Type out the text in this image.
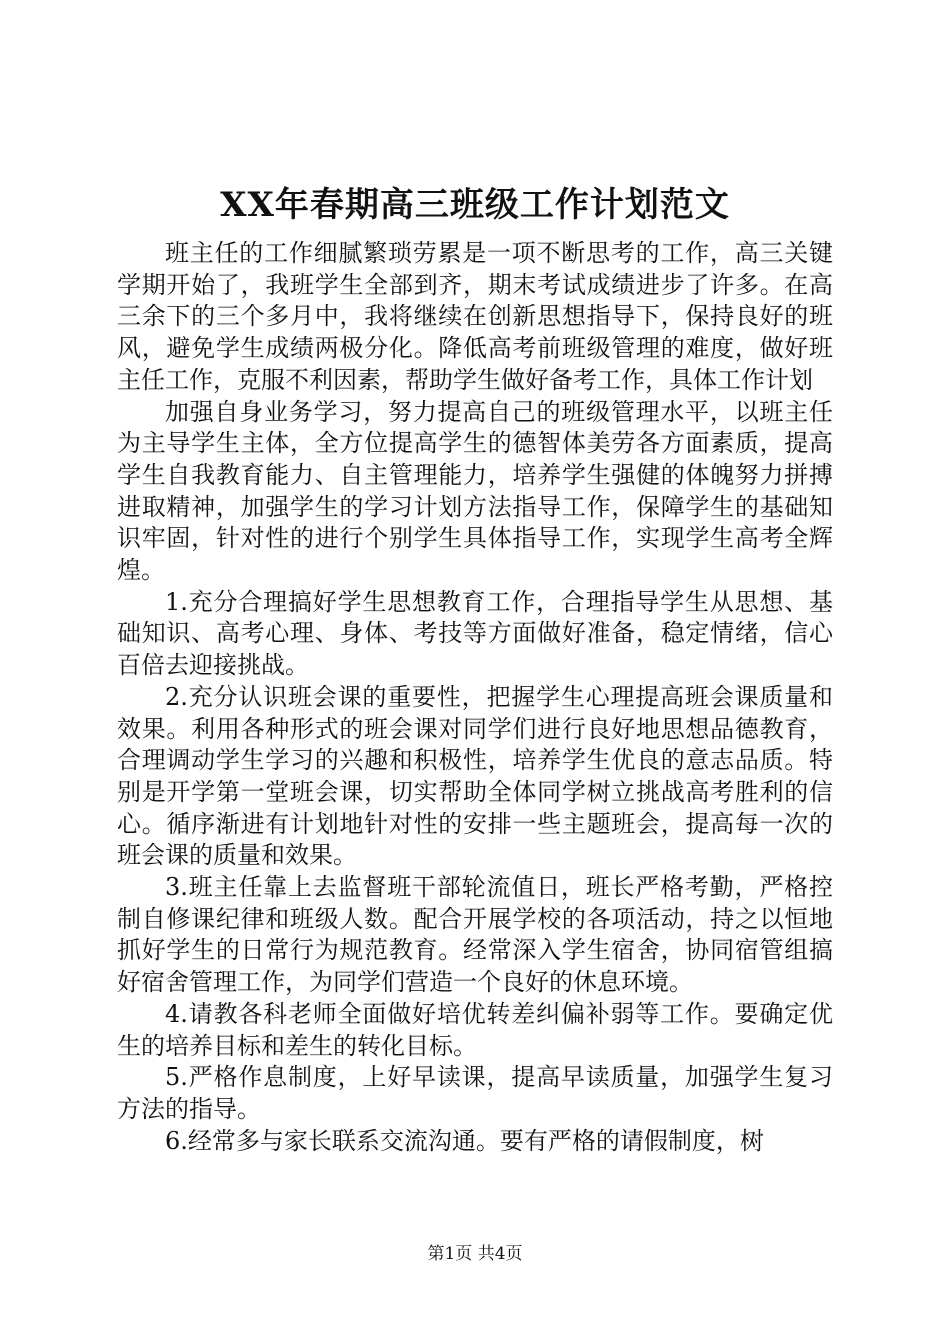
XX年春期高三班级工作计划范文

班主任的工作细腻繁琐劳累是一项不断思考的工作，高三关键学期开始了，我班学生全部到齐，期末考试成绩进步了许多。在高三余下的三个多月中，我将继续在创新思想指导下，保持良好的班风，避免学生成绩两极分化。降低高考前班级管理的难度，做好班主任工作，克服不利因素，帮助学生做好备考工作，具体工作计划

加强自身业务学习，努力提高自己的班级管理水平，以班主任为主导学生主体，全方位提高学生的德智体美劳各方面素质，提高学生自我教育能力、自主管理能力，培养学生强健的体魄努力拼搏进取精神，加强学生的学习计划方法指导工作，保障学生的基础知识牢固，针对性的进行个别学生具体指导工作，实现学生高考全辉煌。

1.充分合理搞好学生思想教育工作，合理指导学生从思想、基础知识、高考心理、身体、考技等方面做好准备，稳定情绪，信心百倍去迎接挑战。

2.充分认识班会课的重要性，把握学生心理提高班会课质量和效果。利用各种形式的班会课对同学们进行良好地思想品德教育，合理调动学生学习的兴趣和积极性，培养学生优良的意志品质。特别是开学第一堂班会课，切实帮助全体同学树立挑战高考胜利的信心。循序渐进有计划地针对性的安排一些主题班会，提高每一次的班会课的质量和效果。

3.班主任靠上去监督班干部轮流值日，班长严格考勤，严格控制自修课纪律和班级人数。配合开展学校的各项活动，持之以恒地抓好学生的日常行为规范教育。经常深入学生宿舍，协同宿管组搞好宿舍管理工作，为同学们营造一个良好的休息环境。

4.请教各科老师全面做好培优转差纠偏补弱等工作。要确定优生的培养目标和差生的转化目标。

5.严格作息制度，上好早读课，提高早读质量，加强学生复习方法的指导。

6.经常多与家长联系交流沟通。要有严格的请假制度，树

第1页 共4页
